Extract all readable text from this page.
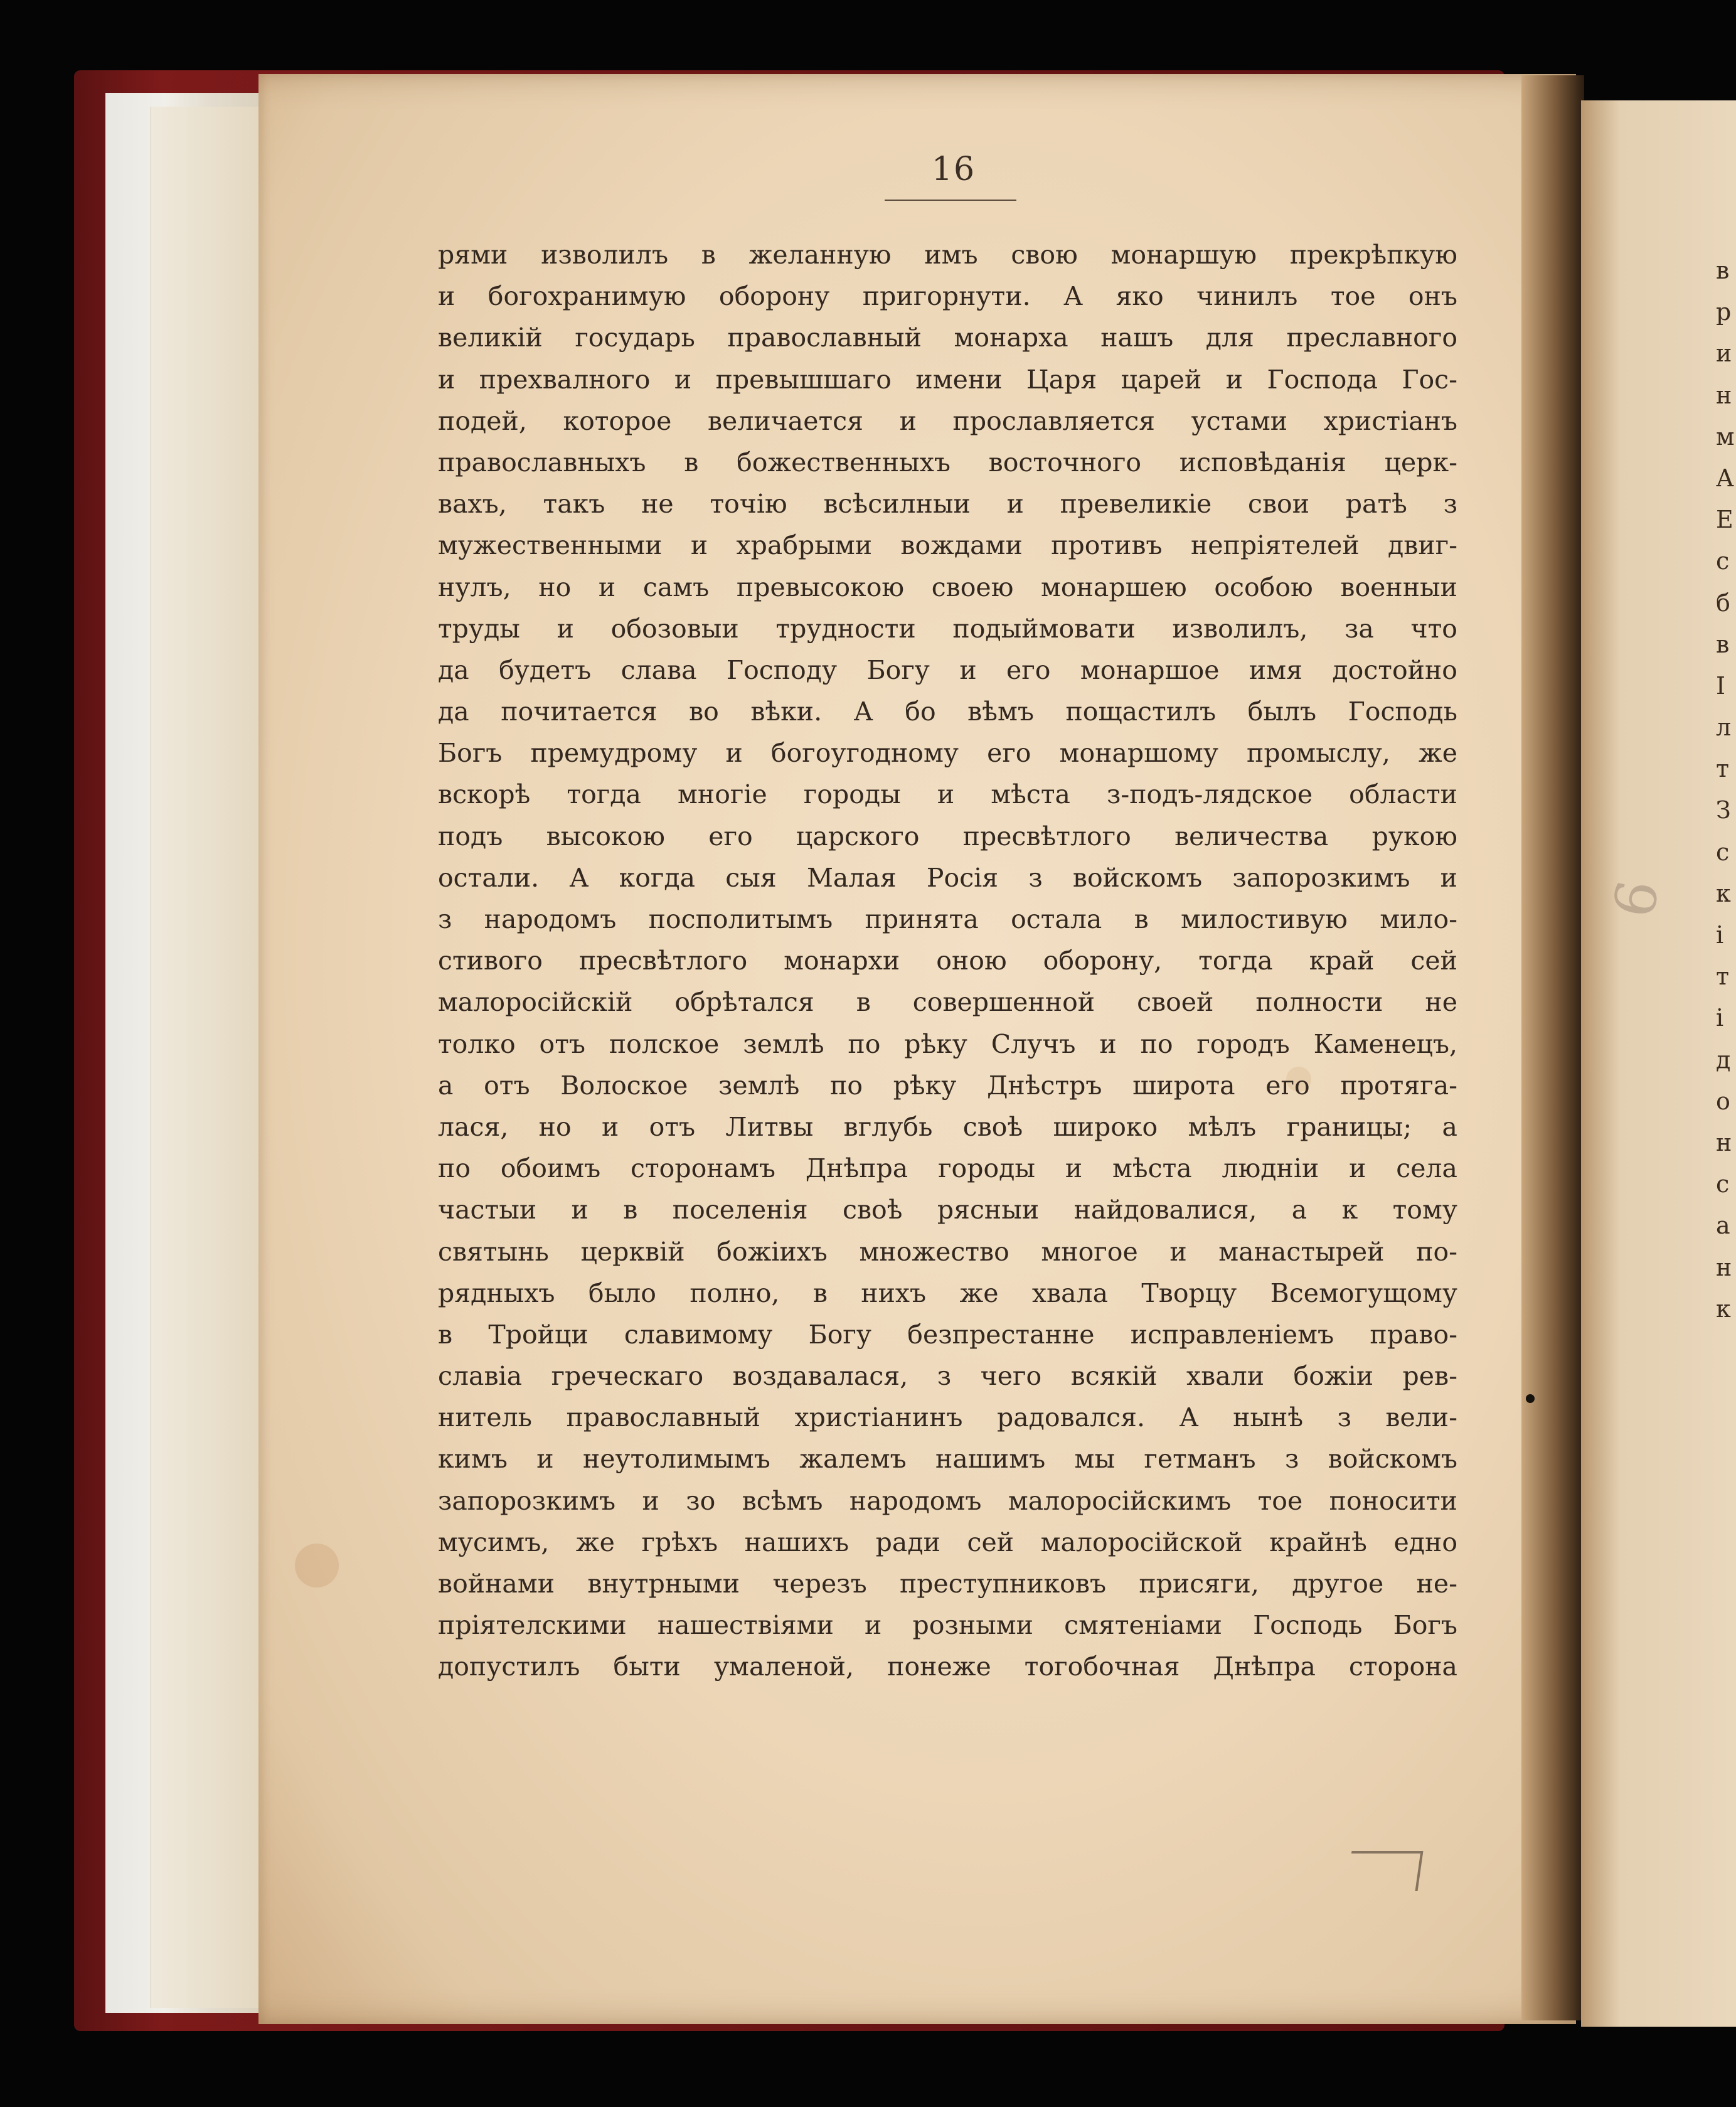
16
рями изволилъ в желанную имъ свою монаршую прекрѣпкую
и богохранимую оборону пригорнути. А яко чинилъ тое онъ
великій государь православный монарха нашъ для преславного
и прехвалного и превышшаго имени Царя царей и Господа Гос-
подей, которое величается и прославляется устами христіанъ
православныхъ в божественныхъ восточного исповѣданія церк-
вахъ, такъ не точію всѣсилныи и превеликіе свои ратѣ з
мужественными и храбрыми вождами противъ непріятелей двиг-
нулъ, но и самъ превысокою своею монаршею особою военныи
труды и обозовыи трудности подыймовати изволилъ, за что
да будетъ слава Господу Богу и его монаршое имя достойно
да почитается во вѣки. А бо вѣмъ пощастилъ былъ Господь
Богъ премудрому и богоугодному его монаршому промыслу, же
вскорѣ тогда многіе городы и мѣста з-подъ-лядское области
подъ высокою его царского пресвѣтлого величества рукою
остали. А когда сыя Малая Росія з войскомъ запорозкимъ и
з народомъ посполитымъ принята остала в милостивую мило-
стивого пресвѣтлого монархи оною оборону, тогда край сей
малоросійскій обрѣтался в совершенной своей полности не
толко отъ полское землѣ по рѣку Случъ и по городъ Каменецъ,
а отъ Волоское землѣ по рѣку Днѣстръ широта его протяга-
лася, но и отъ Литвы вглубь своѣ широко мѣлъ границы; а
по обоимъ сторонамъ Днѣпра городы и мѣста людніи и села
частыи и в поселенія своѣ рясныи найдовалися, а к тому
святынь церквій божіихъ множество многое и манастырей по-
рядныхъ было полно, в нихъ же хвала Творцу Всемогущому
в Тройци славимому Богу безпрестанне исправленіемъ право-
славіа греческаго воздавалася, з чего всякій хвали божіи рев-
нитель православный христіанинъ радовался. А нынѣ з вели-
кимъ и неутолимымъ жалемъ нашимъ мы гетманъ з войскомъ
запорозкимъ и зо всѣмъ народомъ малоросійскимъ тое поносити
мусимъ, же грѣхъ нашихъ ради сей малоросійской крайнѣ едно
войнами внутрными черезъ преступниковъ присяги, другое не-
пріятелскими нашествіями и розными смятеніами Господь Богъ
допустилъ быти умаленой, понеже тогобочная Днѣпра сторона
в
р
и
н
м
А
Е
с
б
в
І
л
т
З
с
к
і
т
і
д
о
н
с
а
н
к
6
